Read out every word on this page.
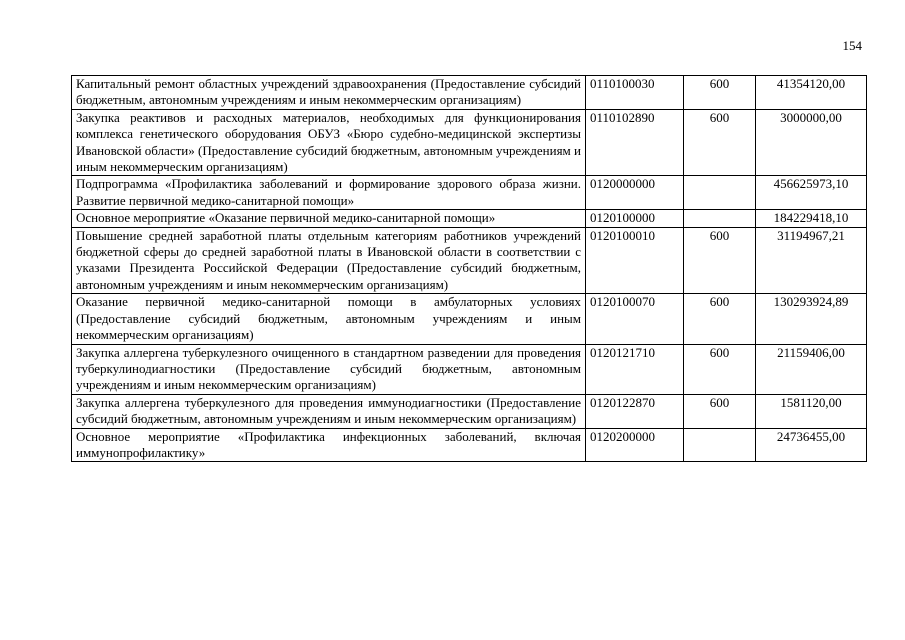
154
Капитальный ремонт областных учреждений здравоохранения (Предоставление субсидий бюджетным, автономным учреждениям и иным некоммерческим организациям)	0110100030	600	41354120,00
Закупка реактивов и расходных материалов, необходимых для функционирования комплекса генетического оборудования ОБУЗ «Бюро судебно-медицинской экспертизы Ивановской области» (Предоставление субсидий бюджетным, автономным учреждениям и иным некоммерческим организациям)	0110102890	600	3000000,00
Подпрограмма «Профилактика заболеваний и формирование здорового образа жизни. Развитие первичной медико-санитарной помощи»	0120000000		456625973,10
Основное мероприятие «Оказание первичной медико-санитарной помощи»	0120100000		184229418,10
Повышение средней заработной платы отдельным категориям работников учреждений бюджетной сферы до средней заработной платы в Ивановской области в соответствии с указами Президента Российской Федерации (Предоставление субсидий бюджетным, автономным учреждениям и иным некоммерческим организациям)	0120100010	600	31194967,21
Оказание первичной медико-санитарной помощи в амбулаторных условиях (Предоставление субсидий бюджетным, автономным учреждениям и иным некоммерческим организациям)	0120100070	600	130293924,89
Закупка аллергена туберкулезного очищенного в стандартном разведении для проведения туберкулинодиагностики (Предоставление субсидий бюджетным, автономным учреждениям и иным некоммерческим организациям)	0120121710	600	21159406,00
Закупка аллергена туберкулезного для проведения иммунодиагностики (Предоставление субсидий бюджетным, автономным учреждениям и иным некоммерческим организациям)	0120122870	600	1581120,00
Основное мероприятие «Профилактика инфекционных заболеваний, включая иммунопрофилактику»	0120200000		24736455,00
